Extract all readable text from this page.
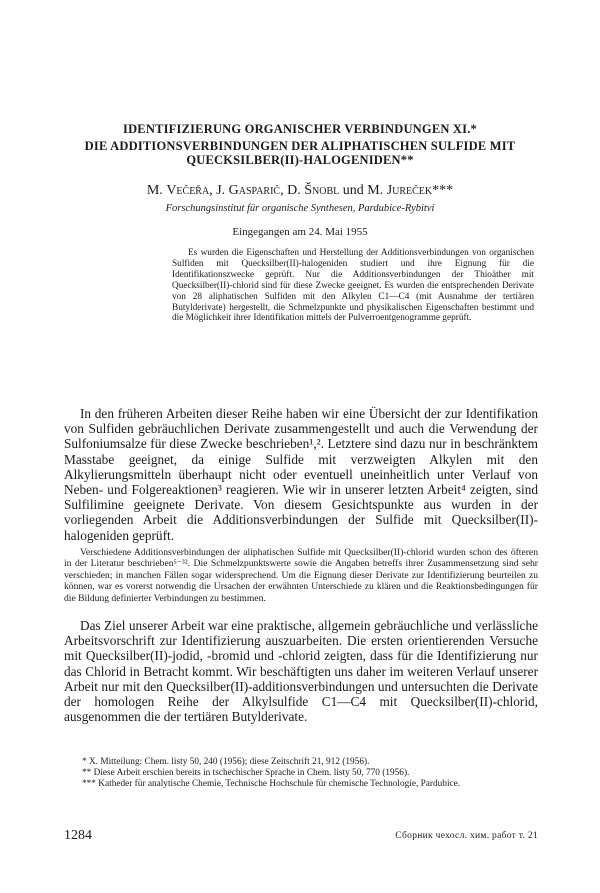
IDENTIFIZIERUNG ORGANISCHER VERBINDUNGEN XI.*
DIE ADDITIONSVERBINDUNGEN DER ALIPHATISCHEN SULFIDE MIT
QUECKSILBER(II)-HALOGENIDEN**
M. Večeřa, J. Gasparič, D. Šnobl und M. Jureček***
Forschungsinstitut für organische Synthesen, Pardubice-Rybitví
Eingegangen am 24. Mai 1955
Es wurden die Eigenschaften und Herstellung der Additionsverbindungen von organischen Sulfiden mit Quecksilber(II)-halogeniden studiert und ihre Eignung für die Identifikationszwecke geprüft. Nur die Additionsverbindungen der Thioäther mit Quecksilber(II)-chlorid sind für diese Zwecke geeignet. Es wurden die entsprechenden Derivate von 28 aliphatischen Sulfiden mit den Alkylen C1—C4 (mit Ausnahme der tertiären Butylderivate) hergestellt, die Schmelzpunkte und physikalischen Eigenschaften bestimmt und die Möglichkeit ihrer Identifikation mittels der Pulverroentgenogramme geprüft.
In den früheren Arbeiten dieser Reihe haben wir eine Übersicht der zur Identifikation von Sulfiden gebräuchlichen Derivate zusammengestellt und auch die Verwendung der Sulfoniumsalze für diese Zwecke beschrieben¹,². Letztere sind dazu nur in beschränktem Masstabe geeignet, da einige Sulfide mit verzweigten Alkylen mit den Alkylierungsmitteln überhaupt nicht oder eventuell uneinheitlich unter Verlauf von Neben- und Folgereaktionen³ reagieren. Wie wir in unserer letzten Arbeit⁴ zeigten, sind Sulfilimine geeignete Derivate. Von diesem Gesichtspunkte aus wurden in der vorliegenden Arbeit die Additionsverbindungen der Sulfide mit Quecksilber(II)-halogeniden geprüft.
Verschiedene Additionsverbindungen der aliphatischen Sulfide mit Quecksilber(II)-chlorid wurden schon des öfteren in der Literatur beschrieben⁵⁻³². Die Schmelzpunktswerte sowie die Angaben betreffs ihrer Zusammensetzung sind sehr verschieden; in manchen Fällen sogar widersprechend. Um die Eignung dieser Derivate zur Identifizierung beurteilen zu können, war es vorerst notwendig die Ursachen der erwähnten Unterschiede zu klären und die Reaktionsbedingungen für die Bildung definierter Verbindungen zu bestimmen.
Das Ziel unserer Arbeit war eine praktische, allgemein gebräuchliche und verlässliche Arbeitsvorschrift zur Identifizierung auszuarbeiten. Die ersten orientierenden Versuche mit Quecksilber(II)-jodid, -bromid und -chlorid zeigten, dass für die Identifizierung nur das Chlorid in Betracht kommt. Wir beschäftigten uns daher im weiteren Verlauf unserer Arbeit nur mit den Quecksilber(II)-additionsverbindungen und untersuchten die Derivate der homologen Reihe der Alkylsulfide C1—C4 mit Quecksilber(II)-chlorid, ausgenommen die der tertiären Butylderivate.
* X. Mitteilung: Chem. listy 50, 240 (1956); diese Zeitschrift 21, 912 (1956).
** Diese Arbeit erschien bereits in tschechischer Sprache in Chem. listy 50, 770 (1956).
*** Katheder für analytische Chemie, Technische Hochschule für chemische Technologie, Pardubice.
1284	Сборник чехосл. хим. работ т. 21
